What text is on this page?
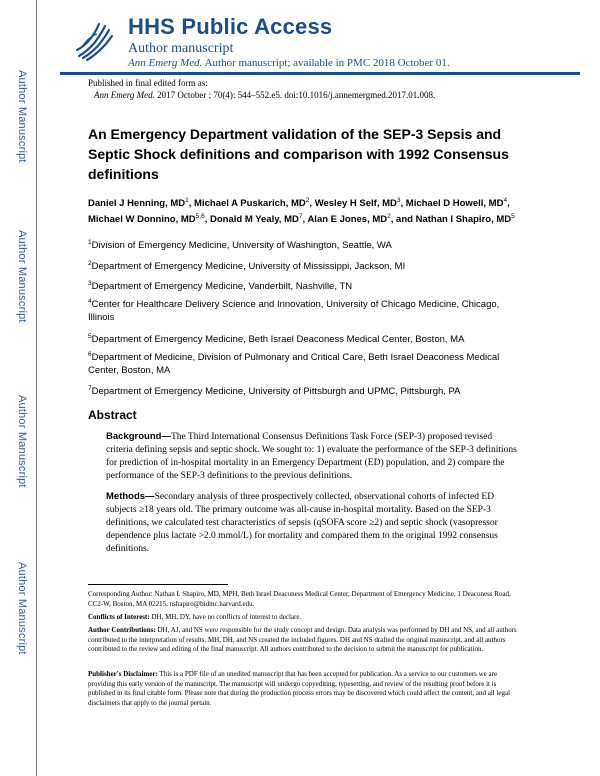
Author Manuscript
Author Manuscript
Author Manuscript
Author Manuscript
HHS Public Access
Author manuscript
Ann Emerg Med. Author manuscript; available in PMC 2018 October 01.
Published in final edited form as:
Ann Emerg Med. 2017 October ; 70(4): 544–552.e5. doi:10.1016/j.annemergmed.2017.01.008.
An Emergency Department validation of the SEP-3 Sepsis and Septic Shock definitions and comparison with 1992 Consensus definitions
Daniel J Henning, $MD^1$, Michael A Puskarich, $MD^2$, Wesley H Self, $MD^3$, Michael D Howell, $MD^4$, Michael W Donnino, MD$^{5,6}$, Donald M Yealy, $MD^7$, Alan E Jones, $MD^2$, and Nathan I Shapiro, $MD^5$
$^1$Division of Emergency Medicine, University of Washington, Seattle, WA
$^2$Department of Emergency Medicine, University of Mississippi, Jackson, MI
$^3$Department of Emergency Medicine, Vanderbilt, Nashville, TN
$^4$Center for Healthcare Delivery Science and Innovation, University of Chicago Medicine, Chicago, Illinois
$^5$Department of Emergency Medicine, Beth Israel Deaconess Medical Center, Boston, MA
$^6$Department of Medicine, Division of Pulmonary and Critical Care, Beth Israel Deaconess Medical Center, Boston, MA
$^7$Department of Emergency Medicine, University of Pittsburgh and UPMC, Pittsburgh, PA
Abstract
Background—The Third International Consensus Definitions Task Force (SEP-3) proposed revised criteria defining sepsis and septic shock. We sought to: 1) evaluate the performance of the SEP-3 definitions for prediction of in-hospital mortality in an Emergency Department (ED) population, and 2) compare the performance of the SEP-3 definitions to the previous definitions.
Methods—Secondary analysis of three prospectively collected, observational cohorts of infected ED subjects ≥18 years old. The primary outcome was all-cause in-hospital mortality. Based on the SEP-3 definitions, we calculated test characteristics of sepsis (qSOFA score ≥2) and septic shock (vasopressor dependence plus lactate >2.0 mmol/L) for mortality and compared them to the original 1992 consensus definitions.
Corresponding Author: Nathan I. Shapiro, MD, MPH, Beth Israel Deaconess Medical Center, Department of Emergency Medicine, 1 Deaconess Road, CC2-W, Boston, MA 02215, nshapiro@bidmc.harvard.edu.
Conflicts of Interest: DH, MH, DY, have no conflicts of interest to declare.
Author Contributions: DH, AJ, and NS were responsible for the study concept and design. Data analysis was performed by DH and NS, and all authors contributed to the interpretation of results. MH, DH, and NS created the included figures. DH and NS drafted the original manuscript, and all authors contributed to the review and editing of the final manuscript. All authors contributed to the decision to submit the manuscript for publication.
Publisher's Disclaimer: This is a PDF file of an unedited manuscript that has been accepted for publication. As a service to our customers we are providing this early version of the manuscript. The manuscript will undergo copyediting, typesetting, and review of the resulting proof before it is published in its final citable form. Please note that during the production process errors may be discovered which could affect the content, and all legal disclaimers that apply to the journal pertain.
